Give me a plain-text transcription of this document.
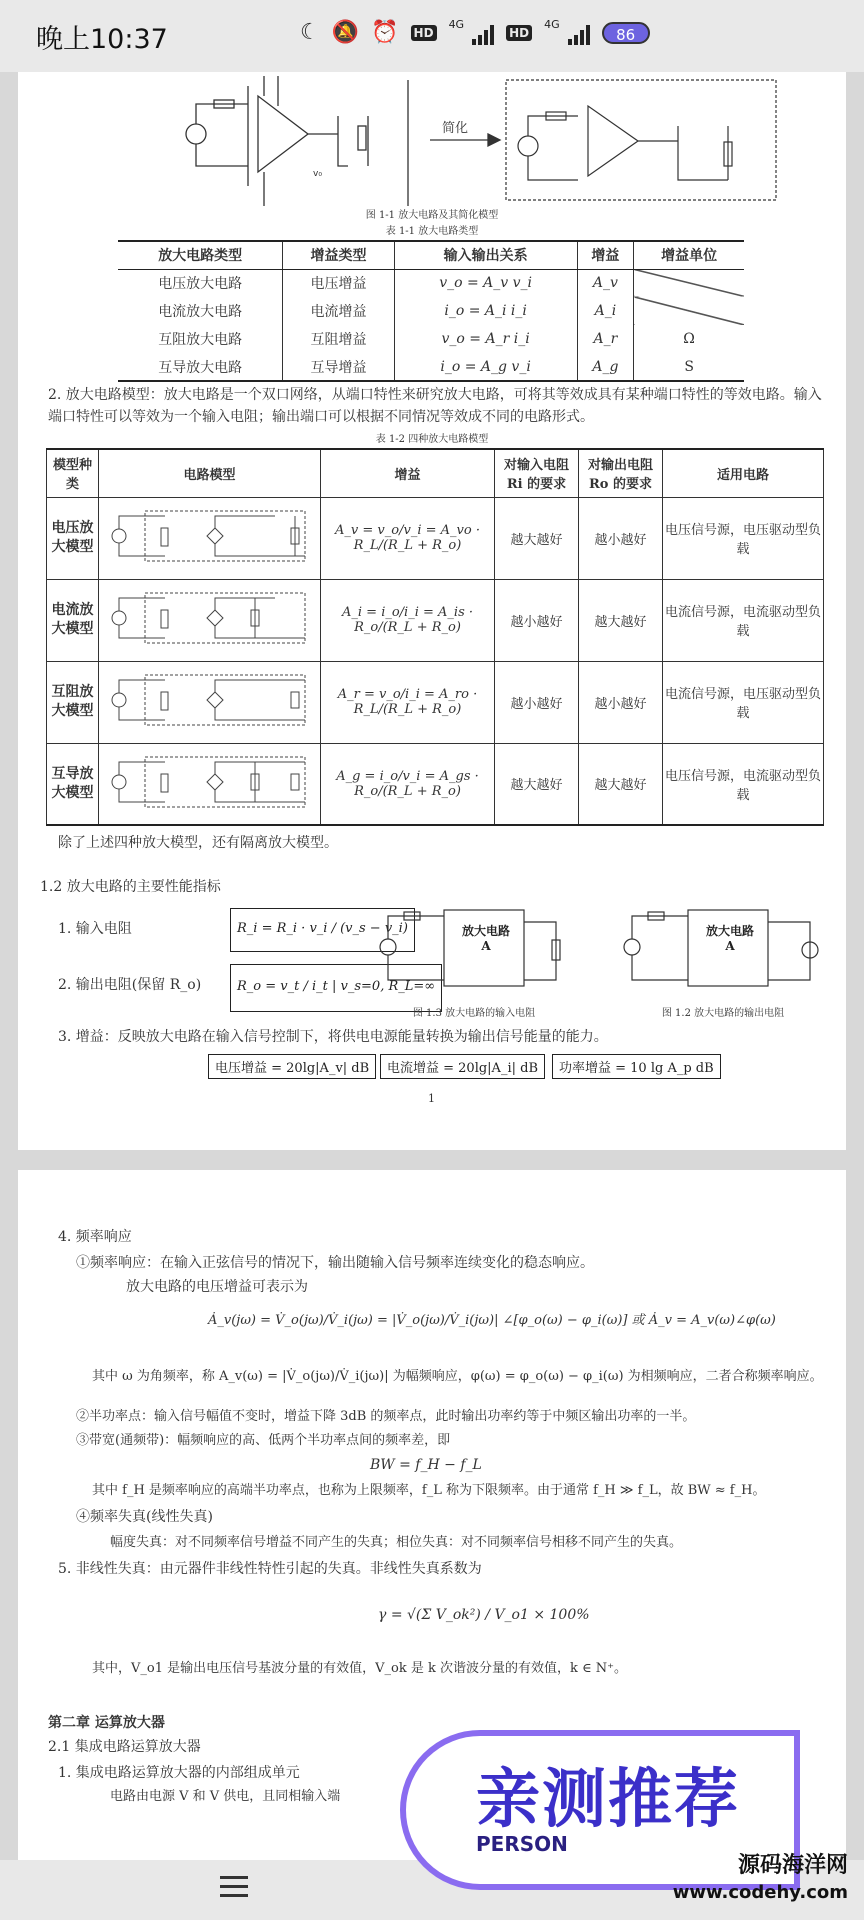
晚上10:37	☾ 🔕 ⏰ HD
4G
HD
4G
86
v₀
简化
图 1-1 放大电路及其简化模型
表 1-1 放大电路类型
放大电路类型	增益类型	输入输出关系	增益	增益单位
电压放大电路	电压增益	v_o = A_v v_i	A_v	
电流放大电路	电流增益	i_o = A_i i_i	A_i	
互阻放大电路	互阻增益	v_o = A_r i_i	A_r	Ω
互导放大电路	互导增益	i_o = A_g v_i	A_g	S
2. 放大电路模型：放大电路是一个双口网络，从端口特性来研究放大电路，可将其等效成具有某种端口特性的等效电路。输入端口特性可以等效为一个输入电阻；输出端口可以根据不同情况等效成不同的电路形式。
表 1-2 四种放大电路模型
模型种类	电路模型	增益	对输入电阻 Ri 的要求	对输出电阻 Ro 的要求	适用电路
电压放大模型		A_v = v_o/v_i = A_vo · R_L/(R_L + R_o)	越大越好	越小越好	电压信号源，电压驱动型负载
电流放大模型		A_i = i_o/i_i = A_is · R_o/(R_L + R_o)	越小越好	越大越好	电流信号源，电流驱动型负载
互阻放大模型		A_r = v_o/i_i = A_ro · R_L/(R_L + R_o)	越小越好	越小越好	电流信号源，电压驱动型负载
互导放大模型		A_g = i_o/v_i = A_gs · R_o/(R_L + R_o)	越大越好	越大越好	电压信号源，电流驱动型负载
除了上述四种放大模型，还有隔离放大模型。
1.2 放大电路的主要性能指标
1. 输入电阻	R_i = R_i · v_i / (v_s − v_i)
2. 输出电阻(保留 R_o)	R_o = v_t / i_t | v_s=0, R_L=∞
放大电路
A
图 1.3 放大电路的输入电阻
放大电路
A
图 1.2 放大电路的输出电阻
3. 增益：反映放大电路在输入信号控制下，将供电电源能量转换为输出信号能量的能力。
电压增益 = 20lg|A_v| dB	电流增益 = 20lg|A_i| dB	功率增益 = 10 lg A_p dB
1
4. 频率响应
①频率响应：在输入正弦信号的情况下，输出随输入信号频率连续变化的稳态响应。
放大电路的电压增益可表示为
Ȧ_v(jω) = V̇_o(jω)/V̇_i(jω) = |V̇_o(jω)/V̇_i(jω)| ∠[φ_o(ω) − φ_i(ω)] 或 Ȧ_v = A_v(ω)∠φ(ω)
其中 ω 为角频率，称 A_v(ω) = |V̇_o(jω)/V̇_i(jω)| 为幅频响应，φ(ω) = φ_o(ω) − φ_i(ω) 为相频响应，二者合称频率响应。
②半功率点：输入信号幅值不变时，增益下降 3dB 的频率点，此时输出功率约等于中频区输出功率的一半。
③带宽(通频带)：幅频响应的高、低两个半功率点间的频率差，即
BW = f_H − f_L
其中 f_H 是频率响应的高端半功率点，也称为上限频率，f_L 称为下限频率。由于通常 f_H ≫ f_L，故 BW ≈ f_H。
④频率失真(线性失真)
幅度失真：对不同频率信号增益不同产生的失真；相位失真：对不同频率信号相移不同产生的失真。
5. 非线性失真：由元器件非线性特性引起的失真。非线性失真系数为
γ = √(Σ V_ok²) / V_o1 × 100%
其中，V_o1 是输出电压信号基波分量的有效值，V_ok 是 k 次谐波分量的有效值，k ∈ N⁺。
第二章 运算放大器
2.1 集成电路运算放大器
1. 集成电路运算放大器的内部组成单元
电路由电源 V 和 V 供电，且同相输入端 亲测推荐
PERSON
源码海洋网
www.codehy.com
